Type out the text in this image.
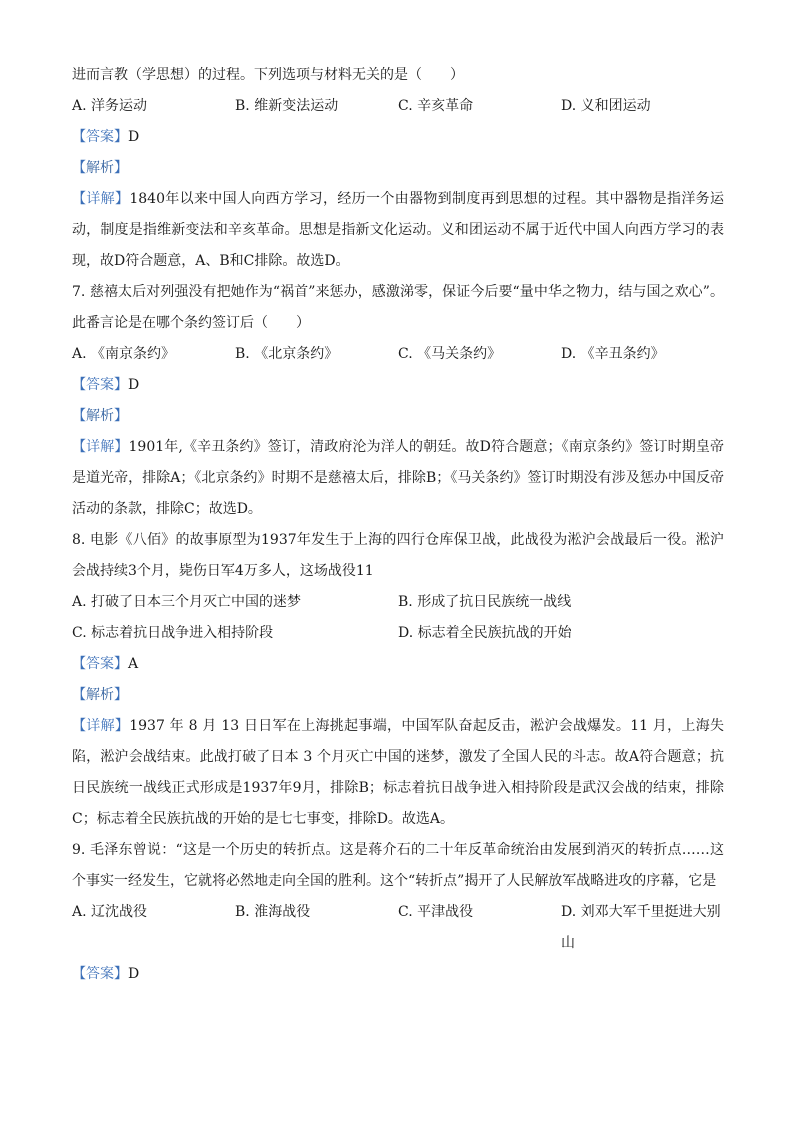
进而言教（学思想）的过程。下列选项与材料无关的是（　　）
A. 洋务运动	B. 维新变法运动	C. 辛亥革命	D. 义和团运动
【答案】D
【解析】
【详解】1840年以来中国人向西方学习，经历一个由器物到制度再到思想的过程。其中器物是指洋务运动，制度是指维新变法和辛亥革命。思想是指新文化运动。义和团运动不属于近代中国人向西方学习的表现，故D符合题意，A、B和C排除。故选D。
7. 慈禧太后对列强没有把她作为“祸首”来惩办，感激涕零，保证今后要“量中华之物力，结与国之欢心”。此番言论是在哪个条约签订后（　　）
A. 《南京条约》	B. 《北京条约》	C. 《马关条约》	D. 《辛丑条约》
【答案】D
【解析】
【详解】1901年,《辛丑条约》签订，清政府沦为洋人的朝廷。故D符合题意；《南京条约》签订时期皇帝是道光帝，排除A；《北京条约》时期不是慈禧太后，排除B；《马关条约》签订时期没有涉及惩办中国反帝活动的条款，排除C；故选D。
8. 电影《八佰》的故事原型为1937年发生于上海的四行仓库保卫战，此战役为淞沪会战最后一役。淞沪会战持续3个月，毙伤日军4万多人，这场战役11
A. 打破了日本三个月灭亡中国的迷梦	B. 形成了抗日民族统一战线
C. 标志着抗日战争进入相持阶段	D. 标志着全民族抗战的开始
【答案】A
【解析】
【详解】1937 年 8 月 13 日日军在上海挑起事端，中国军队奋起反击，淞沪会战爆发。11 月，上海失陷，淞沪会战结束。此战打破了日本 3 个月灭亡中国的迷梦，激发了全国人民的斗志。故A符合题意；抗日民族统一战线正式形成是1937年9月，排除B；标志着抗日战争进入相持阶段是武汉会战的结束，排除C；标志着全民族抗战的开始的是七七事变，排除D。故选A。
9. 毛泽东曾说：“这是一个历史的转折点。这是蒋介石的二十年反革命统治由发展到消灭的转折点……这个事实一经发生，它就将必然地走向全国的胜利。这个“转折点”揭开了人民解放军战略进攻的序幕，它是
A. 辽沈战役	B. 淮海战役	C. 平津战役	D. 刘邓大军千里挺进大别山
【答案】D
